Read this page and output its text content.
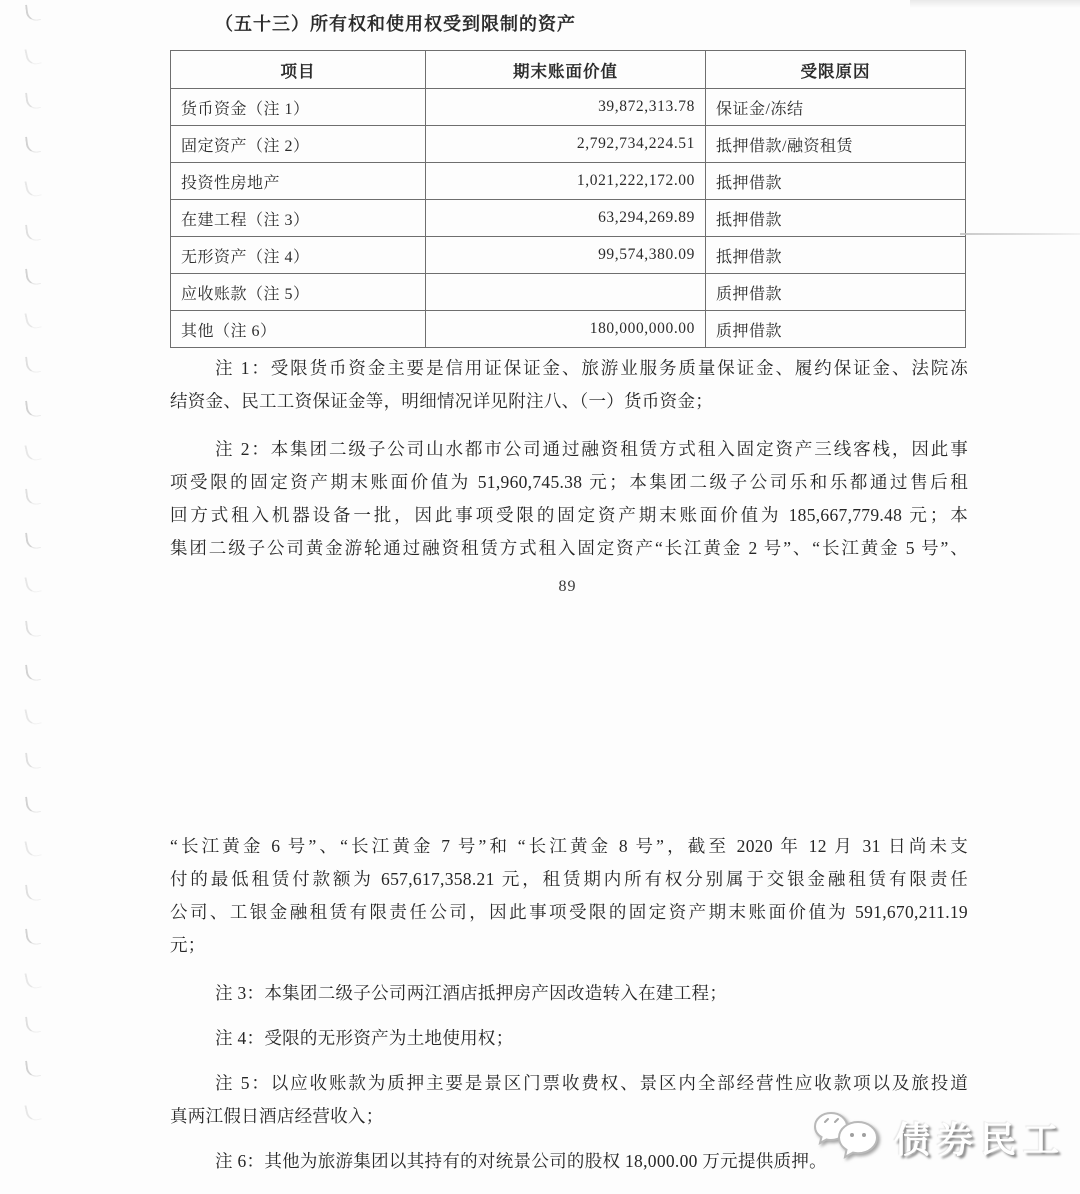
（五十三）所有权和使用权受到限制的资产
项目	期末账面价值	受限原因
货币资金（注 1）	39,872,313.78	保证金/冻结
固定资产（注 2）	2,792,734,224.51	抵押借款/融资租赁
投资性房地产	1,021,222,172.00	抵押借款
在建工程（注 3）	63,294,269.89	抵押借款
无形资产（注 4）	99,574,380.09	抵押借款
应收账款（注 5）		质押借款
其他（注 6）	180,000,000.00	质押借款
注 1：受限货币资金主要是信用证保证金、旅游业服务质量保证金、履约保证金、法院冻
结资金、民工工资保证金等，明细情况详见附注八、（一）货币资金；
注 2：本集团二级子公司山水都市公司通过融资租赁方式租入固定资产三线客栈，因此事
项受限的固定资产期末账面价值为 51,960,745.38 元；本集团二级子公司乐和乐都通过售后租
回方式租入机器设备一批，因此事项受限的固定资产期末账面价值为 185,667,779.48 元；本
集团二级子公司黄金游轮通过融资租赁方式租入固定资产“长江黄金 2 号”、“长江黄金 5 号”、
89
“长江黄金 6 号”、“长江黄金 7 号”和 “长江黄金 8 号”，截至 2020 年 12 月 31 日尚未支
付的最低租赁付款额为 657,617,358.21 元，租赁期内所有权分别属于交银金融租赁有限责任
公司、工银金融租赁有限责任公司，因此事项受限的固定资产期末账面价值为 591,670,211.19
元；
注 3：本集团二级子公司两江酒店抵押房产因改造转入在建工程；
注 4：受限的无形资产为土地使用权；
注 5：以应收账款为质押主要是景区门票收费权、景区内全部经营性应收款项以及旅投道
真两江假日酒店经营收入；
注 6：其他为旅游集团以其持有的对统景公司的股权 18,000.00 万元提供质押。
债券民工
